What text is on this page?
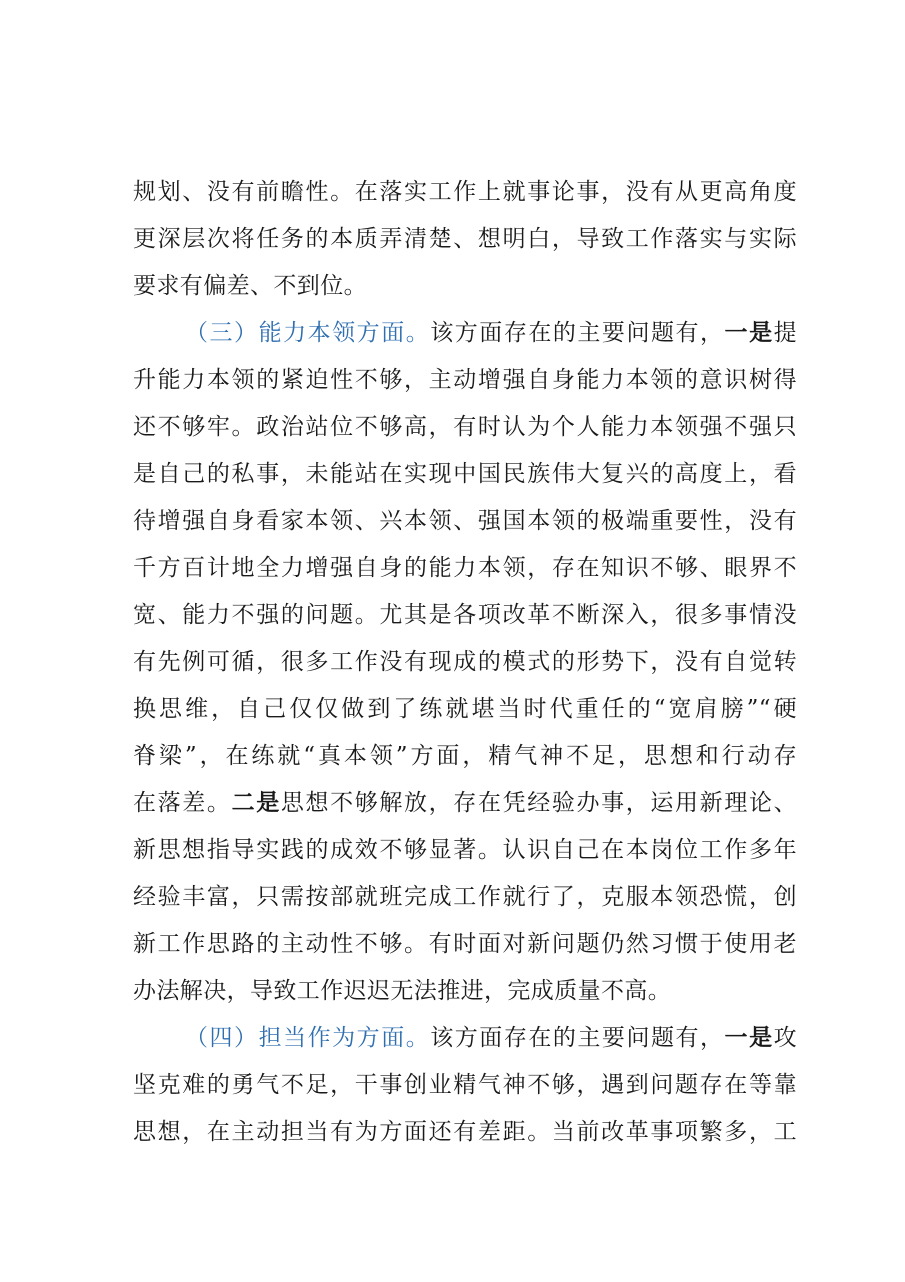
规划、没有前瞻性。在落实工作上就事论事，没有从更高角度
更深层次将任务的本质弄清楚、想明白，导致工作落实与实际
要求有偏差、不到位。
（三）能力本领方面。该方面存在的主要问题有，一是提
升能力本领的紧迫性不够，主动增强自身能力本领的意识树得
还不够牢。政治站位不够高，有时认为个人能力本领强不强只
是自己的私事，未能站在实现中国民族伟大复兴的高度上，看
待增强自身看家本领、兴本领、强国本领的极端重要性，没有
千方百计地全力增强自身的能力本领，存在知识不够、眼界不
宽、能力不强的问题。尤其是各项改革不断深入，很多事情没
有先例可循，很多工作没有现成的模式的形势下，没有自觉转
换思维，自己仅仅做到了练就堪当时代重任的“宽肩膀”“硬
脊梁”，在练就“真本领”方面，精气神不足，思想和行动存
在落差。二是思想不够解放，存在凭经验办事，运用新理论、
新思想指导实践的成效不够显著。认识自己在本岗位工作多年
经验丰富，只需按部就班完成工作就行了，克服本领恐慌，创
新工作思路的主动性不够。有时面对新问题仍然习惯于使用老
办法解决，导致工作迟迟无法推进，完成质量不高。
（四）担当作为方面。该方面存在的主要问题有，一是攻
坚克难的勇气不足，干事创业精气神不够，遇到问题存在等靠
思想，在主动担当有为方面还有差距。当前改革事项繁多，工
